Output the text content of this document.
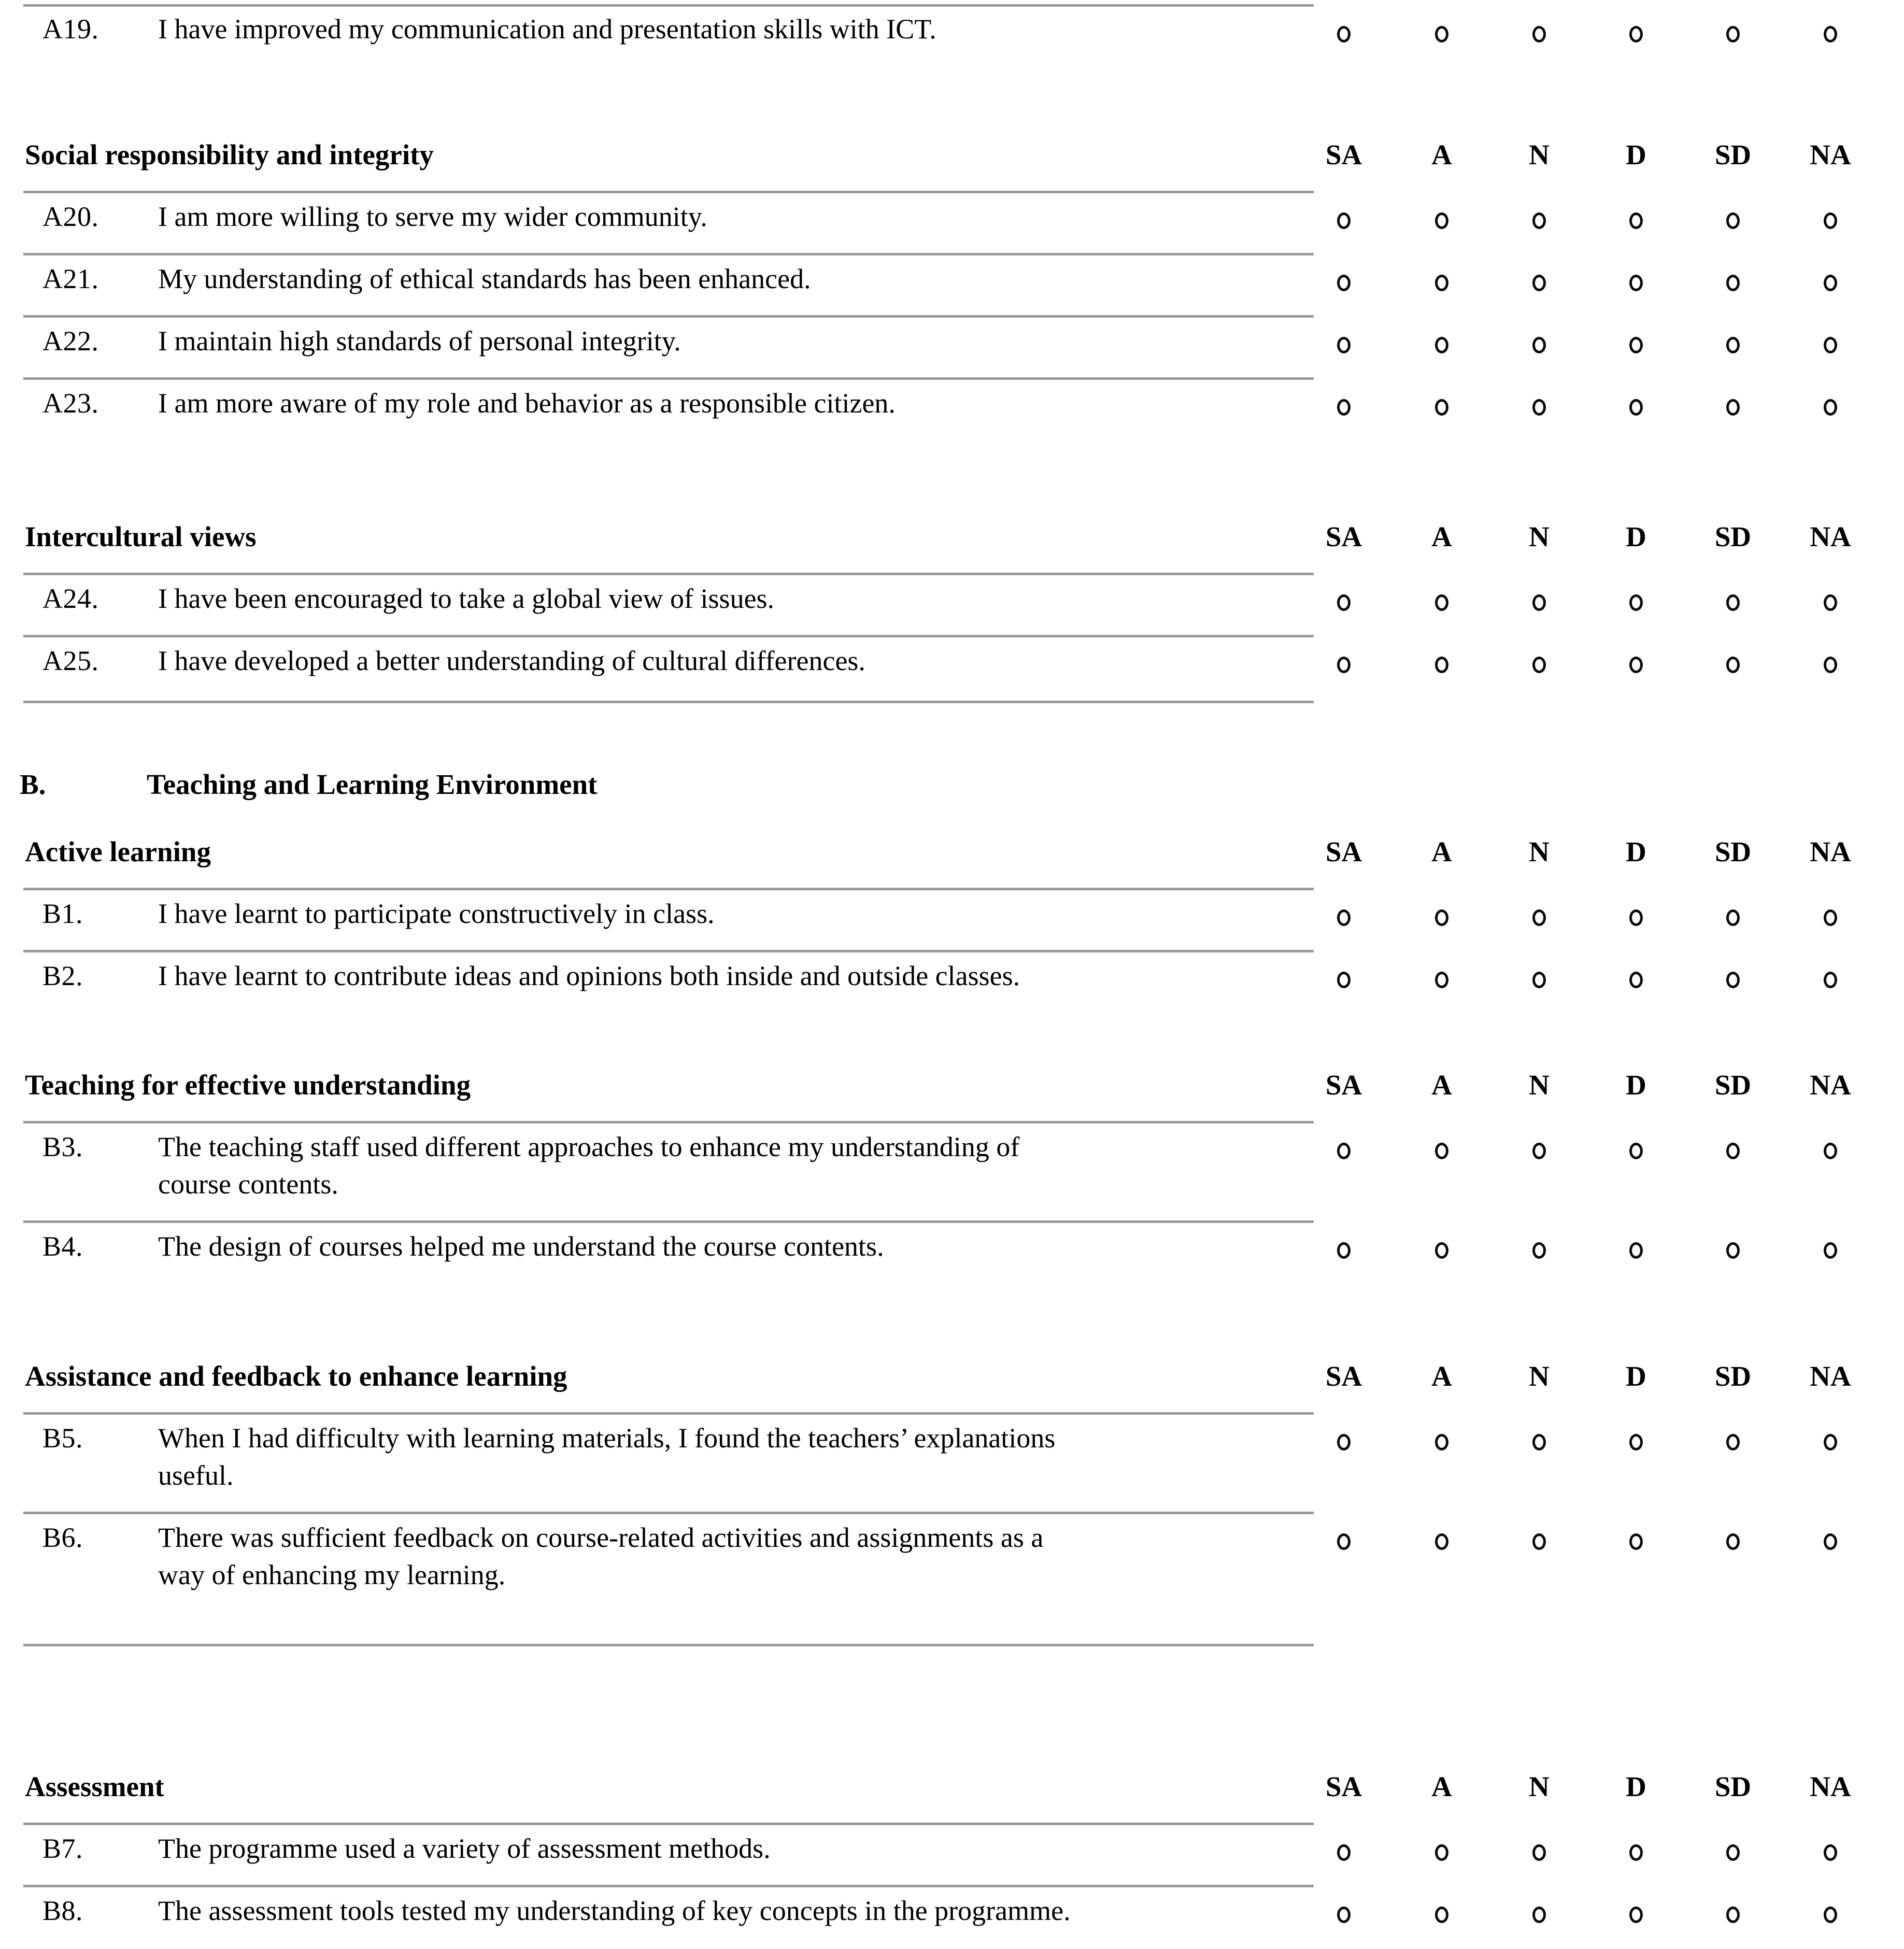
A19. I have improved my communication and presentation skills with ICT.
Social responsibility and integrity	SA A	N	D SD NA
A20. I am more willing to serve my wider community.
A21. My understanding of ethical standards has been enhanced.
A22. I maintain high standards of personal integrity.
A23. I am more aware of my role and behavior as a responsible citizen.
Intercultural views	SA A	N	D SD NA
A24. I have been encouraged to take a global view of issues.
A25. I have developed a better understanding of cultural differences.
B.	Teaching and Learning Environment
Active learning	SA A	N	D SD NA
B1.	I have learnt to participate constructively in class.
B2.	I have learnt to contribute ideas and opinions both inside and outside classes.
Teaching for effective understanding	SA A	N	D SD NA
B3.	The teaching staff used different approaches to enhance my understanding of
course contents.
B4.	The design of courses helped me understand the course contents.
Assistance and feedback to enhance learning	SA A	N	D SD NA
B5.	When I had difficulty with learning materials, I found the teachers’ explanations
useful.
B6.	There was sufficient feedback on course-related activities and assignments as a
way of enhancing my learning.
Assessment	SA A	N	D SD NA
B7.	The programme used a variety of assessment methods.
B8.	The assessment tools tested my understanding of key concepts in the programme.
